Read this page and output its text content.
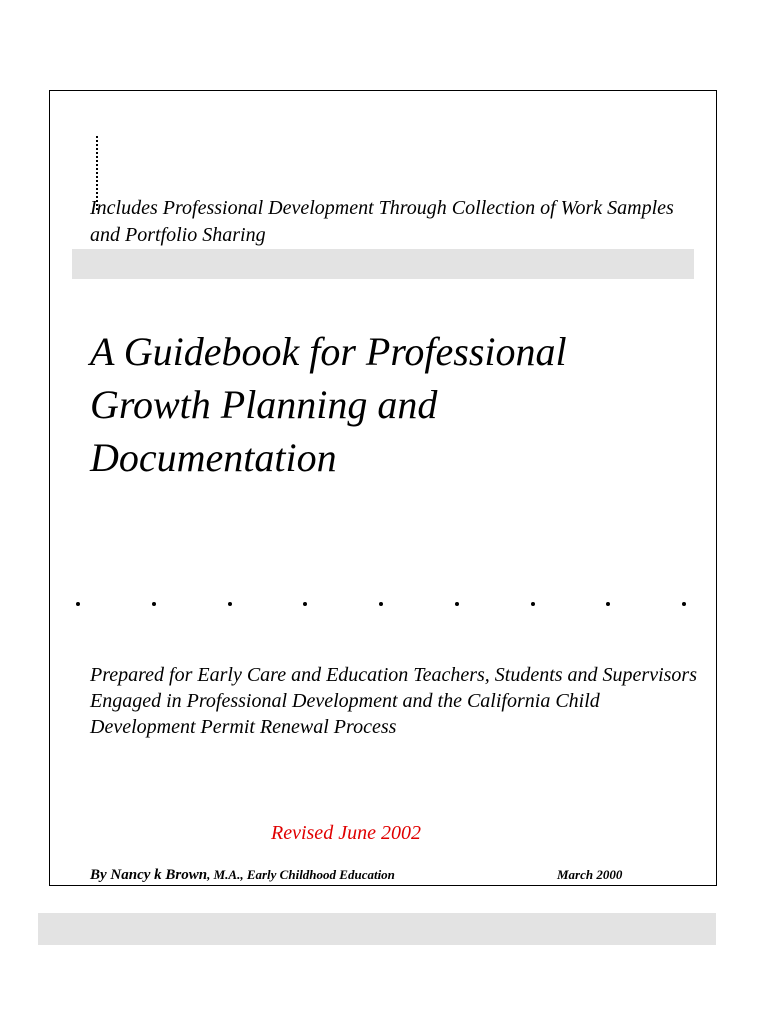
Includes Professional Development Through Collection of Work Samples and Portfolio Sharing
A Guidebook for Professional Growth Planning and Documentation
Prepared for Early Care and Education Teachers, Students and Supervisors Engaged in Professional Development and the California Child Development Permit Renewal Process
Revised June 2002
By Nancy k Brown, M.A., Early Childhood Education	March 2000
